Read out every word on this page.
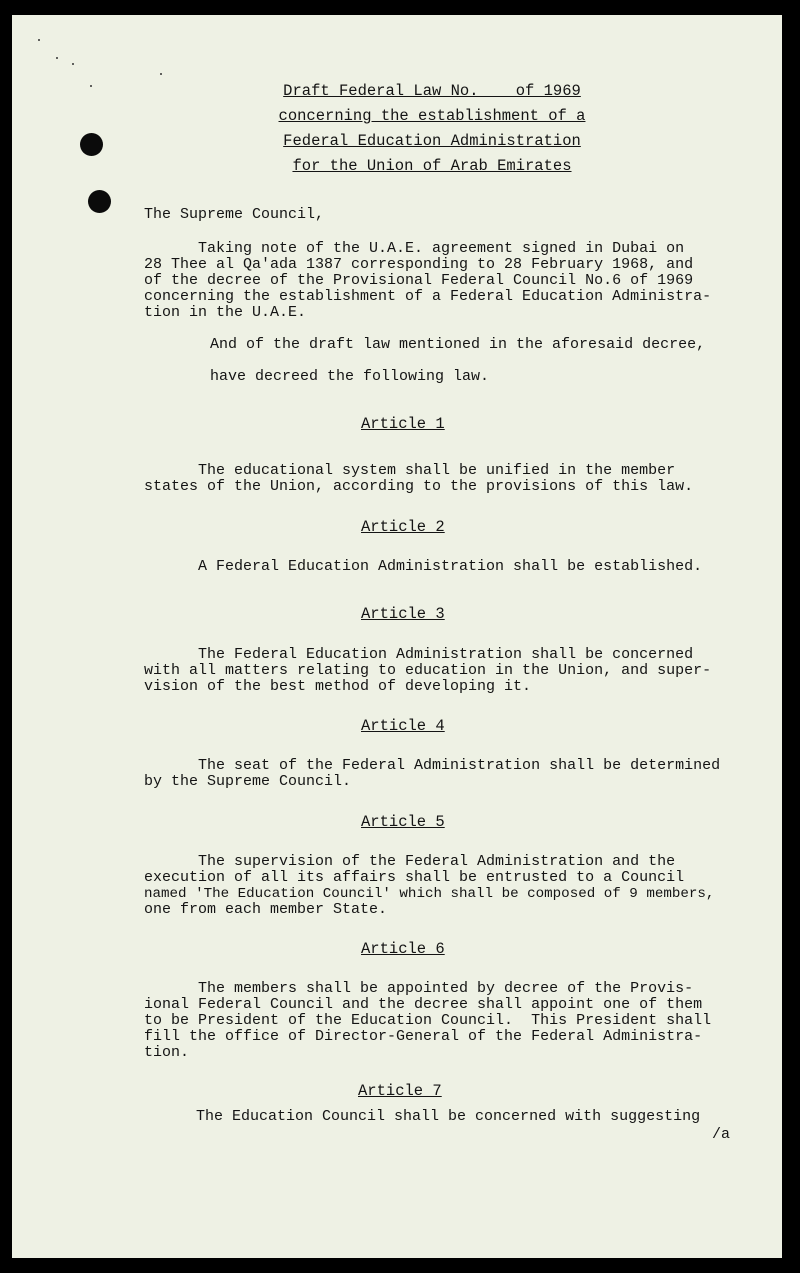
Draft Federal Law No.    of 1969
concerning the establishment of a
Federal Education Administration
for the Union of Arab Emirates
The Supreme Council,
Taking note of the U.A.E. agreement signed in Dubai on
28 Thee al Qa'ada 1387 corresponding to 28 February 1968, and
of the decree of the Provisional Federal Council No.6 of 1969
concerning the establishment of a Federal Education Administra-
tion in the U.A.E.
And of the draft law mentioned in the aforesaid decree,
have decreed the following law.
Article 1
The educational system shall be unified in the member
states of the Union, according to the provisions of this law.
Article 2
A Federal Education Administration shall be established.
Article 3
The Federal Education Administration shall be concerned
with all matters relating to education in the Union, and super-
vision of the best method of developing it.
Article 4
The seat of the Federal Administration shall be determined
by the Supreme Council.
Article 5
The supervision of the Federal Administration and the
execution of all its affairs shall be entrusted to a Council
named 'The Education Council' which shall be composed of 9 members,
one from each member State.
Article 6
The members shall be appointed by decree of the Provis-
ional Federal Council and the decree shall appoint one of them
to be President of the Education Council.  This President shall
fill the office of Director-General of the Federal Administra-
tion.
Article 7
The Education Council shall be concerned with suggesting
/a
